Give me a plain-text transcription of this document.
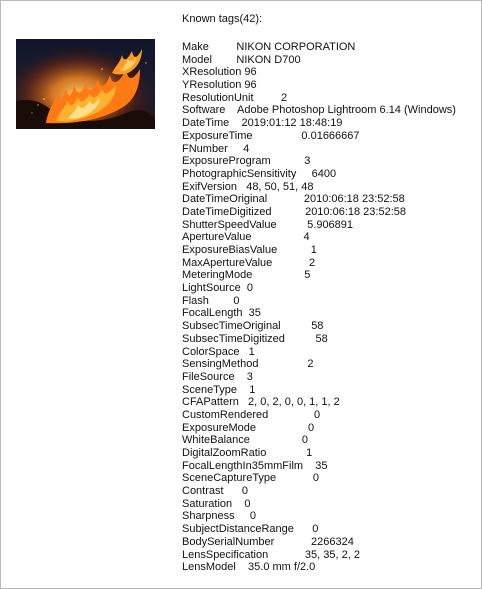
Known tags(42):
Make         NIKON CORPORATION
Model        NIKON D700
XResolution 96
YResolution 96
ResolutionUnit         2
Software    Adobe Photoshop Lightroom 6.14 (Windows)
DateTime    2019:01:12 18:48:19
ExposureTime                0.01666667
FNumber     4
ExposureProgram           3
PhotographicSensitivity     6400
ExifVersion   48, 50, 51, 48
DateTimeOriginal            2010:06:18 23:52:58
DateTimeDigitized           2010:06:18 23:52:58
ShutterSpeedValue          5.906891
ApertureValue                 4
ExposureBiasValue           1
MaxApertureValue            2
MeteringMode                 5
LightSource  0
Flash        0
FocalLength  35
SubsecTimeOriginal          58
SubsecTimeDigitized          58
ColorSpace   1
SensingMethod                2
FileSource    3
SceneType    1
CFAPattern   2, 0, 2, 0, 0, 1, 1, 2
CustomRendered               0
ExposureMode                 0
WhiteBalance                 0
DigitalZoomRatio             1
FocalLengthIn35mmFilm    35
SceneCaptureType            0
Contrast      0
Saturation    0
Sharpness     0
SubjectDistanceRange      0
BodySerialNumber            2266324
LensSpecification            35, 35, 2, 2
LensModel    35.0 mm f/2.0
